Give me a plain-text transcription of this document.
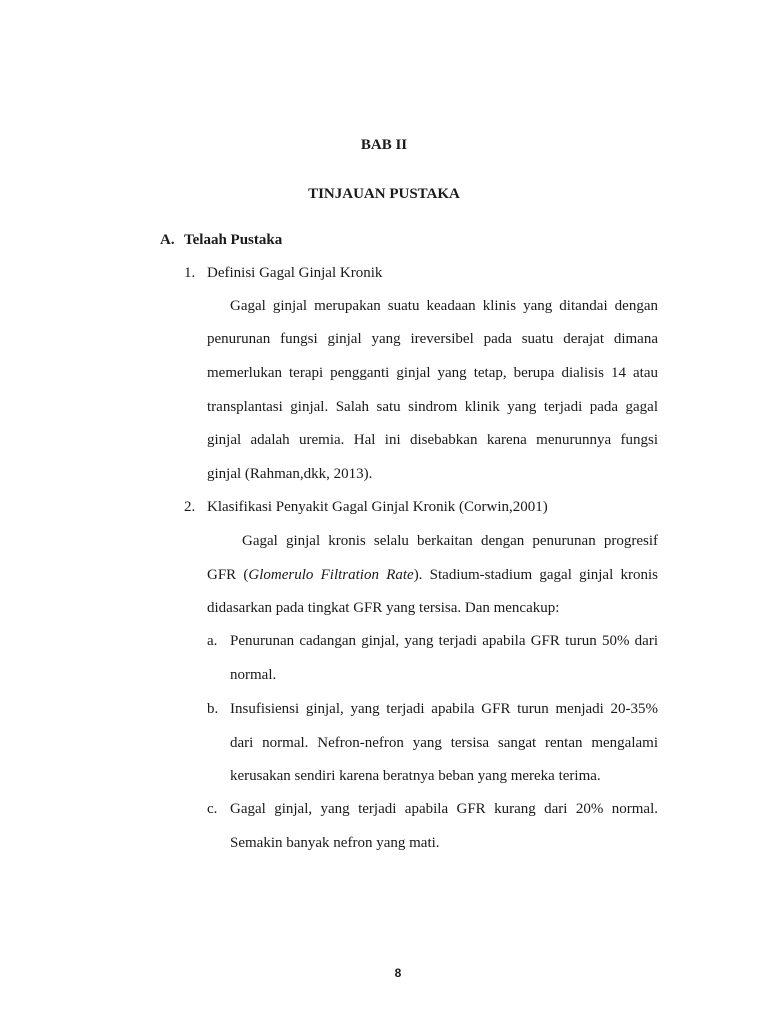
BAB II
TINJAUAN PUSTAKA
A. Telaah Pustaka
1. Definisi Gagal Ginjal Kronik
Gagal ginjal merupakan suatu keadaan klinis yang ditandai dengan
penurunan fungsi ginjal yang ireversibel pada suatu derajat dimana
memerlukan terapi pengganti ginjal yang tetap, berupa dialisis 14 atau
transplantasi ginjal. Salah satu sindrom klinik yang terjadi pada gagal
ginjal adalah uremia. Hal ini disebabkan karena menurunnya fungsi
ginjal (Rahman,dkk, 2013).
2. Klasifikasi Penyakit Gagal Ginjal Kronik (Corwin,2001)
Gagal ginjal kronis selalu berkaitan dengan penurunan progresif
GFR (Glomerulo Filtration Rate). Stadium-stadium gagal ginjal kronis
didasarkan pada tingkat GFR yang tersisa. Dan mencakup:
a. Penurunan cadangan ginjal, yang terjadi apabila GFR turun 50% dari
normal.
b. Insufisiensi ginjal, yang terjadi apabila GFR turun menjadi 20-35%
dari normal. Nefron-nefron yang tersisa sangat rentan mengalami
kerusakan sendiri karena beratnya beban yang mereka terima.
c. Gagal ginjal, yang terjadi apabila GFR kurang dari 20% normal.
Semakin banyak nefron yang mati.
8
